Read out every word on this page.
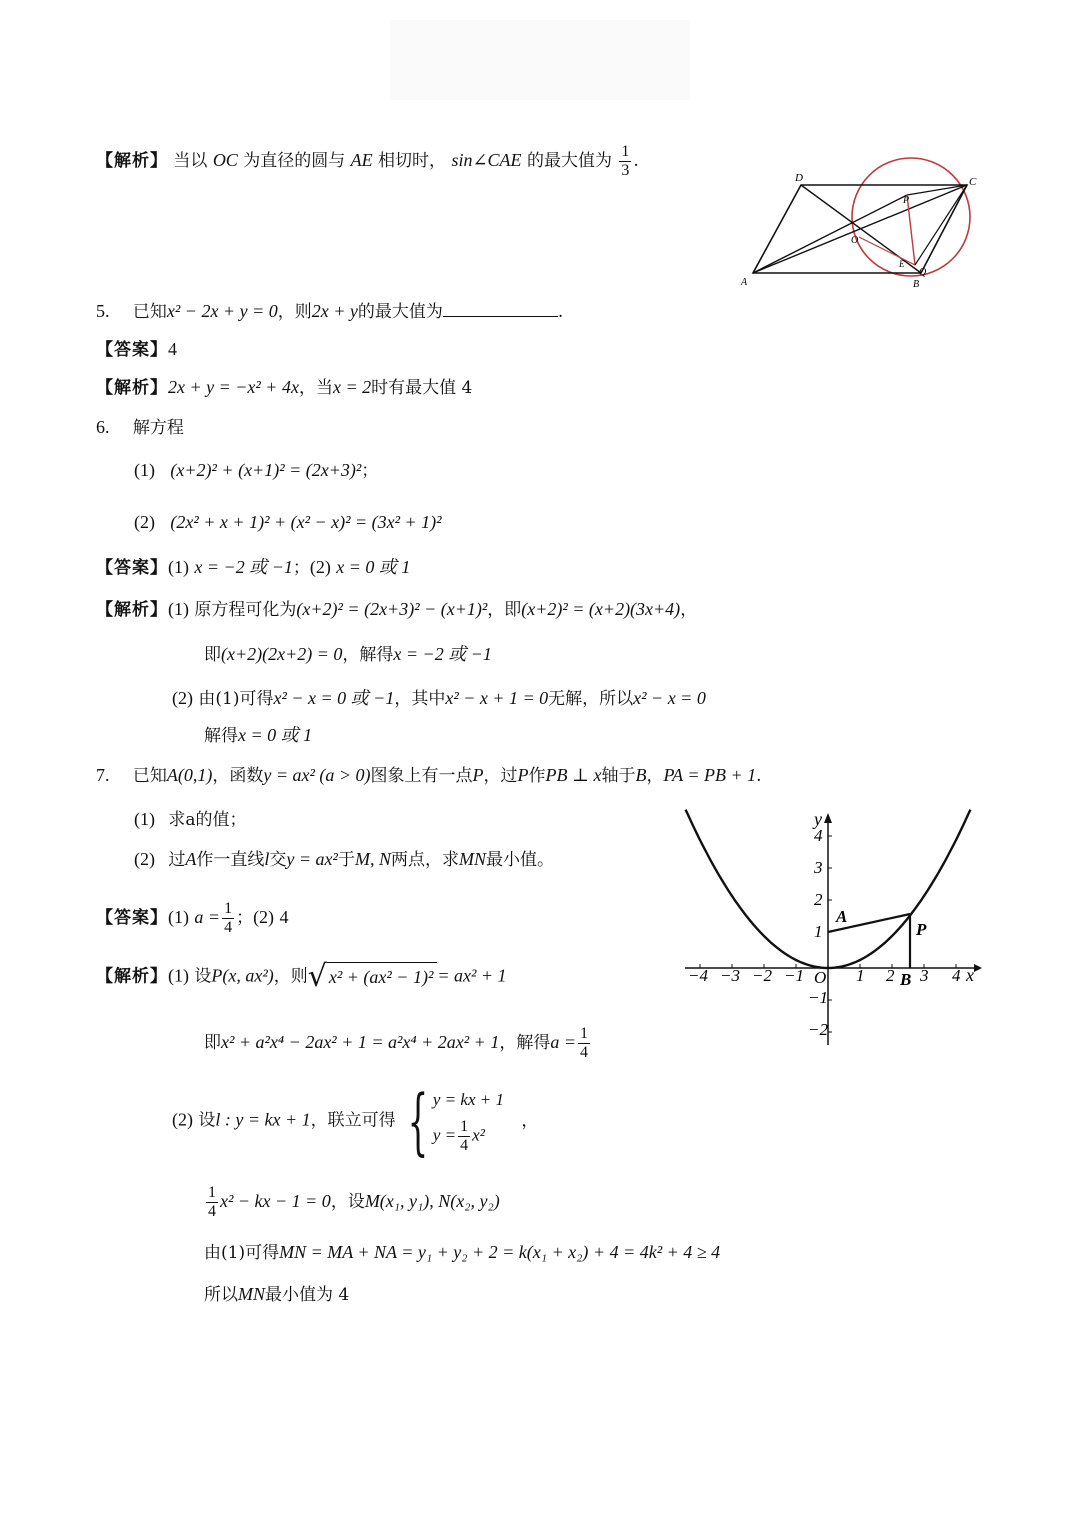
【解析】 当以 OC 为直径的圆与 AE 相切时， sin∠CAE 的最大值为 $\frac{1}{3}$ .
D	C
P
O
A	B
Q
E
5. 已知x² − 2x + y = 0，则2x + y的最大值为	.
【答案】4
【解析】2x + y = −x² + 4x，当x = 2时有最大值 4
6. 解方程
(1) (x+2)² + (x+1)² = (2x+3)²；
(2) (2x² + x + 1)² + (x² − x)² = (3x² + 1)²
【答案】(1) x = −2 或 −1；(2) x = 0 或 1
【解析】(1) 原方程可化为(x+2)² = (2x+3)² − (x+1)²，即(x+2)² = (x+2)(3x+4)，
即(x+2)(2x+2) = 0，解得x = −2 或 −1
(2) 由(1)可得x² − x = 0 或 −1，其中x² − x + 1 = 0无解，所以x² − x = 0
解得x = 0 或 1
7. 已知A(0,1)，函数y = ax² (a > 0)图象上有一点P，过P作PB ⊥ x轴于B，PA = PB + 1.
(1) 求a的值；
(2) 过A作一直线l交y = ax²于M, N两点，求MN最小值。
【答案】(1) $a = \frac{1}{4}$ ；(2) 4
【解析】(1) 设P(x, ax²)，则 √ x² + (ax² − 1)² = ax² + 1
即x² + a²x⁴ − 2ax² + 1 = a²x⁴ + 2ax² + 1，解得$a = \frac{1}{4}$
(2) 设l : y = kx + 1，联立可得 { y = kx + 1
$y = \frac{1}{4} x^2$
，
$\frac{1}{4} x^2$ − kx − 1 = 0，设M(x₁, y₁), N(x₂, y₂)
由(1)可得MN = MA + NA = y₁ + y₂ + 2 = k(x₁ + x₂) + 4 = 4k² + 4 ≥ 4
所以MN最小值为 4
−4 −3 −2 −1 O 1 2 3 4
4
3
2
1
−1
−2
x
y
A
P
B
